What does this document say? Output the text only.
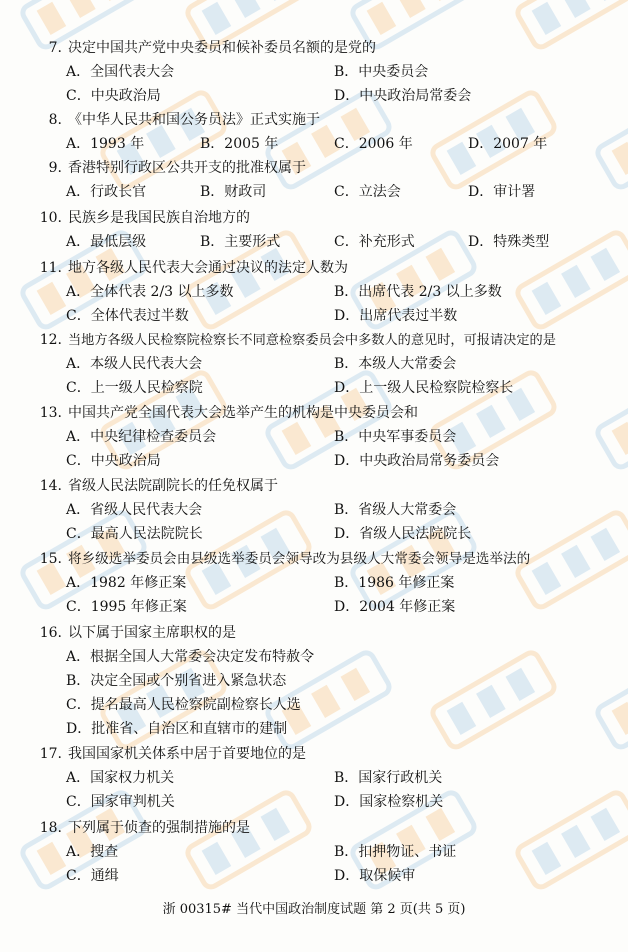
7. 决定中国共产党中央委员和候补委员名额的是党的
A．全国代表大会	B．中央委员会
C．中央政治局	D．中央政治局常委会
8. 《中华人民共和国公务员法》正式实施于
A．1993 年	B．2005 年	C．2006 年	D．2007 年
9. 香港特别行政区公共开支的批准权属于
A．行政长官	B．财政司	C．立法会	D．审计署
10. 民族乡是我国民族自治地方的
A．最低层级	B．主要形式	C．补充形式	D．特殊类型
11. 地方各级人民代表大会通过决议的法定人数为
A．全体代表 2/3 以上多数	B．出席代表 2/3 以上多数
C．全体代表过半数	D．出席代表过半数
12. 当地方各级人民检察院检察长不同意检察委员会中多数人的意见时，可报请决定的是
A．本级人民代表大会	B．本级人大常委会
C．上一级人民检察院	D．上一级人民检察院检察长
13. 中国共产党全国代表大会选举产生的机构是中央委员会和
A．中央纪律检查委员会	B．中央军事委员会
C．中央政治局	D．中央政治局常务委员会
14. 省级人民法院副院长的任免权属于
A．省级人民代表大会	B．省级人大常委会
C．最高人民法院院长	D．省级人民法院院长
15. 将乡级选举委员会由县级选举委员会领导改为县级人大常委会领导是选举法的
A．1982 年修正案	B．1986 年修正案
C．1995 年修正案	D．2004 年修正案
16. 以下属于国家主席职权的是
A．根据全国人大常委会决定发布特赦令
B．决定全国或个别省进入紧急状态
C．提名最高人民检察院副检察长人选
D．批准省、自治区和直辖市的建制
17. 我国国家机关体系中居于首要地位的是
A．国家权力机关	B．国家行政机关
C．国家审判机关	D．国家检察机关
18. 下列属于侦查的强制措施的是
A．搜查	B．扣押物证、书证
C．通缉	D．取保候审
浙 00315# 当代中国政治制度试题 第 2 页(共 5 页)
